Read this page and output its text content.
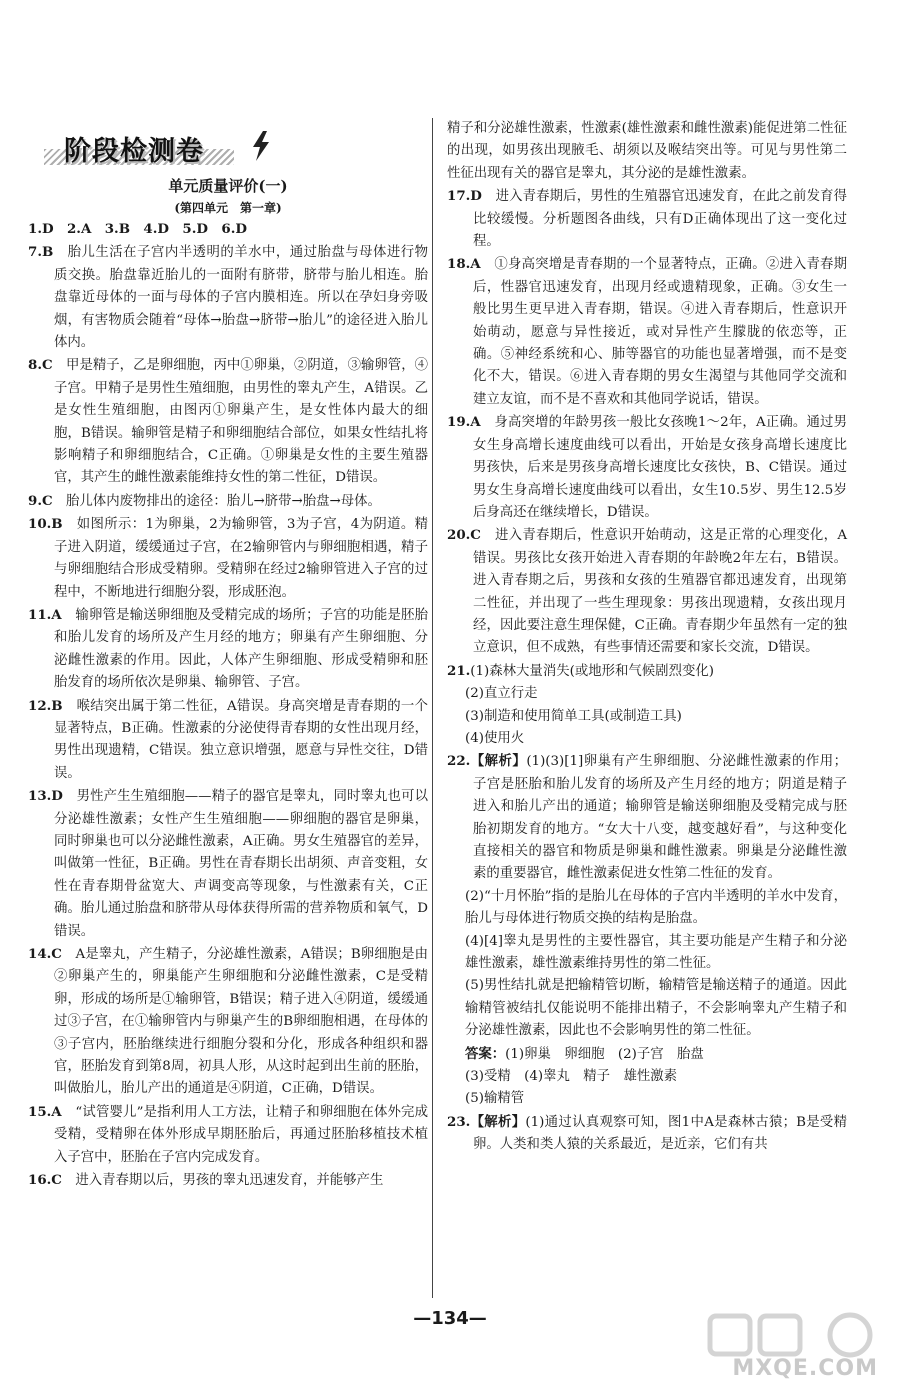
阶段检测卷
单元质量评价(一)
(第四单元　第一章)
1.D　2.A　3.B　4.D　5.D　6.D
7.B　胎儿生活在子宫内半透明的羊水中，通过胎盘与母体进行物质交换。胎盘靠近胎儿的一面附有脐带，脐带与胎儿相连。胎盘靠近母体的一面与母体的子宫内膜相连。所以在孕妇身旁吸烟，有害物质会随着“母体→胎盘→脐带→胎儿”的途径进入胎儿体内。
8.C　甲是精子，乙是卵细胞，丙中①卵巢，②阴道，③输卵管，④子宫。甲精子是男性生殖细胞，由男性的睾丸产生，A错误。乙是女性生殖细胞，由图丙①卵巢产生，是女性体内最大的细胞，B错误。输卵管是精子和卵细胞结合部位，如果女性结扎将影响精子和卵细胞结合，C正确。①卵巢是女性的主要生殖器官，其产生的雌性激素能维持女性的第二性征，D错误。
9.C　胎儿体内废物排出的途径：胎儿→脐带→胎盘→母体。
10.B　如图所示：1为卵巢，2为输卵管，3为子宫，4为阴道。精子进入阴道，缓缓通过子宫，在2输卵管内与卵细胞相遇，精子与卵细胞结合形成受精卵。受精卵在经过2输卵管进入子宫的过程中，不断地进行细胞分裂，形成胚泡。
11.A　输卵管是输送卵细胞及受精完成的场所；子宫的功能是胚胎和胎儿发育的场所及产生月经的地方；卵巢有产生卵细胞、分泌雌性激素的作用。因此，人体产生卵细胞、形成受精卵和胚胎发育的场所依次是卵巢、输卵管、子宫。
12.B　喉结突出属于第二性征，A错误。身高突增是青春期的一个显著特点，B正确。性激素的分泌使得青春期的女性出现月经，男性出现遗精，C错误。独立意识增强，愿意与异性交往，D错误。
13.D　男性产生生殖细胞——精子的器官是睾丸，同时睾丸也可以分泌雄性激素；女性产生生殖细胞——卵细胞的器官是卵巢，同时卵巢也可以分泌雌性激素，A正确。男女生殖器官的差异，叫做第一性征，B正确。男性在青春期长出胡须、声音变粗，女性在青春期骨盆宽大、声调变高等现象，与性激素有关，C正确。胎儿通过胎盘和脐带从母体获得所需的营养物质和氧气，D错误。
14.C　A是睾丸，产生精子，分泌雄性激素，A错误；B卵细胞是由②卵巢产生的，卵巢能产生卵细胞和分泌雌性激素，C是受精卵，形成的场所是①输卵管，B错误；精子进入④阴道，缓缓通过③子宫，在①输卵管内与卵巢产生的B卵细胞相遇，在母体的③子宫内，胚胎继续进行细胞分裂和分化，形成各种组织和器官，胚胎发育到第8周，初具人形，从这时起到出生前的胚胎，叫做胎儿，胎儿产出的通道是④阴道，C正确，D错误。
15.A　“试管婴儿”是指利用人工方法，让精子和卵细胞在体外完成受精，受精卵在体外形成早期胚胎后，再通过胚胎移植技术植入子宫中，胚胎在子宫内完成发育。
16.C　进入青春期以后，男孩的睾丸迅速发育，并能够产生
精子和分泌雄性激素，性激素(雄性激素和雌性激素)能促进第二性征的出现，如男孩出现腋毛、胡须以及喉结突出等。可见与男性第二性征出现有关的器官是睾丸，其分泌的是雄性激素。
17.D　进入青春期后，男性的生殖器官迅速发育，在此之前发育得比较缓慢。分析题图各曲线，只有D正确体现出了这一变化过程。
18.A　①身高突增是青春期的一个显著特点，正确。②进入青春期后，性器官迅速发育，出现月经或遗精现象，正确。③女生一般比男生更早进入青春期，错误。④进入青春期后，性意识开始萌动，愿意与异性接近，或对异性产生朦胧的依恋等，正确。⑤神经系统和心、肺等器官的功能也显著增强，而不是变化不大，错误。⑥进入青春期的男女生渴望与其他同学交流和建立友谊，而不是不喜欢和其他同学说话，错误。
19.A　身高突增的年龄男孩一般比女孩晚1～2年，A正确。通过男女生身高增长速度曲线可以看出，开始是女孩身高增长速度比男孩快，后来是男孩身高增长速度比女孩快，B、C错误。通过男女生身高增长速度曲线可以看出，女生10.5岁、男生12.5岁后身高还在继续增长，D错误。
20.C　进入青春期后，性意识开始萌动，这是正常的心理变化，A错误。男孩比女孩开始进入青春期的年龄晚2年左右，B错误。进入青春期之后，男孩和女孩的生殖器官都迅速发育，出现第二性征，并出现了一些生理现象：男孩出现遗精，女孩出现月经，因此要注意生理保健，C正确。青春期少年虽然有一定的独立意识，但不成熟，有些事情还需要和家长交流，D错误。
21.(1)森林大量消失(或地形和气候剧烈变化)
(2)直立行走
(3)制造和使用简单工具(或制造工具)
(4)使用火
22.【解析】(1)(3)[1]卵巢有产生卵细胞、分泌雌性激素的作用；子宫是胚胎和胎儿发育的场所及产生月经的地方；阴道是精子进入和胎儿产出的通道；输卵管是输送卵细胞及受精完成与胚胎初期发育的地方。“女大十八变，越变越好看”，与这种变化直接相关的器官和物质是卵巢和雌性激素。卵巢是分泌雌性激素的重要器官，雌性激素促进女性第二性征的发育。
(2)“十月怀胎”指的是胎儿在母体的子宫内半透明的羊水中发育，胎儿与母体进行物质交换的结构是胎盘。
(4)[4]睾丸是男性的主要性器官，其主要功能是产生精子和分泌雄性激素，雄性激素维持男性的第二性征。
(5)男性结扎就是把输精管切断，输精管是输送精子的通道。因此输精管被结扎仅能说明不能排出精子，不会影响睾丸产生精子和分泌雄性激素，因此也不会影响男性的第二性征。
答案：(1)卵巢　卵细胞　(2)子宫　胎盘
(3)受精　(4)睾丸　精子　雄性激素
(5)输精管
23.【解析】(1)通过认真观察可知，图1中A是森林古猿；B是受精卵。人类和类人猿的关系最近，是近亲，它们有共
—134—
MXQE.COM
